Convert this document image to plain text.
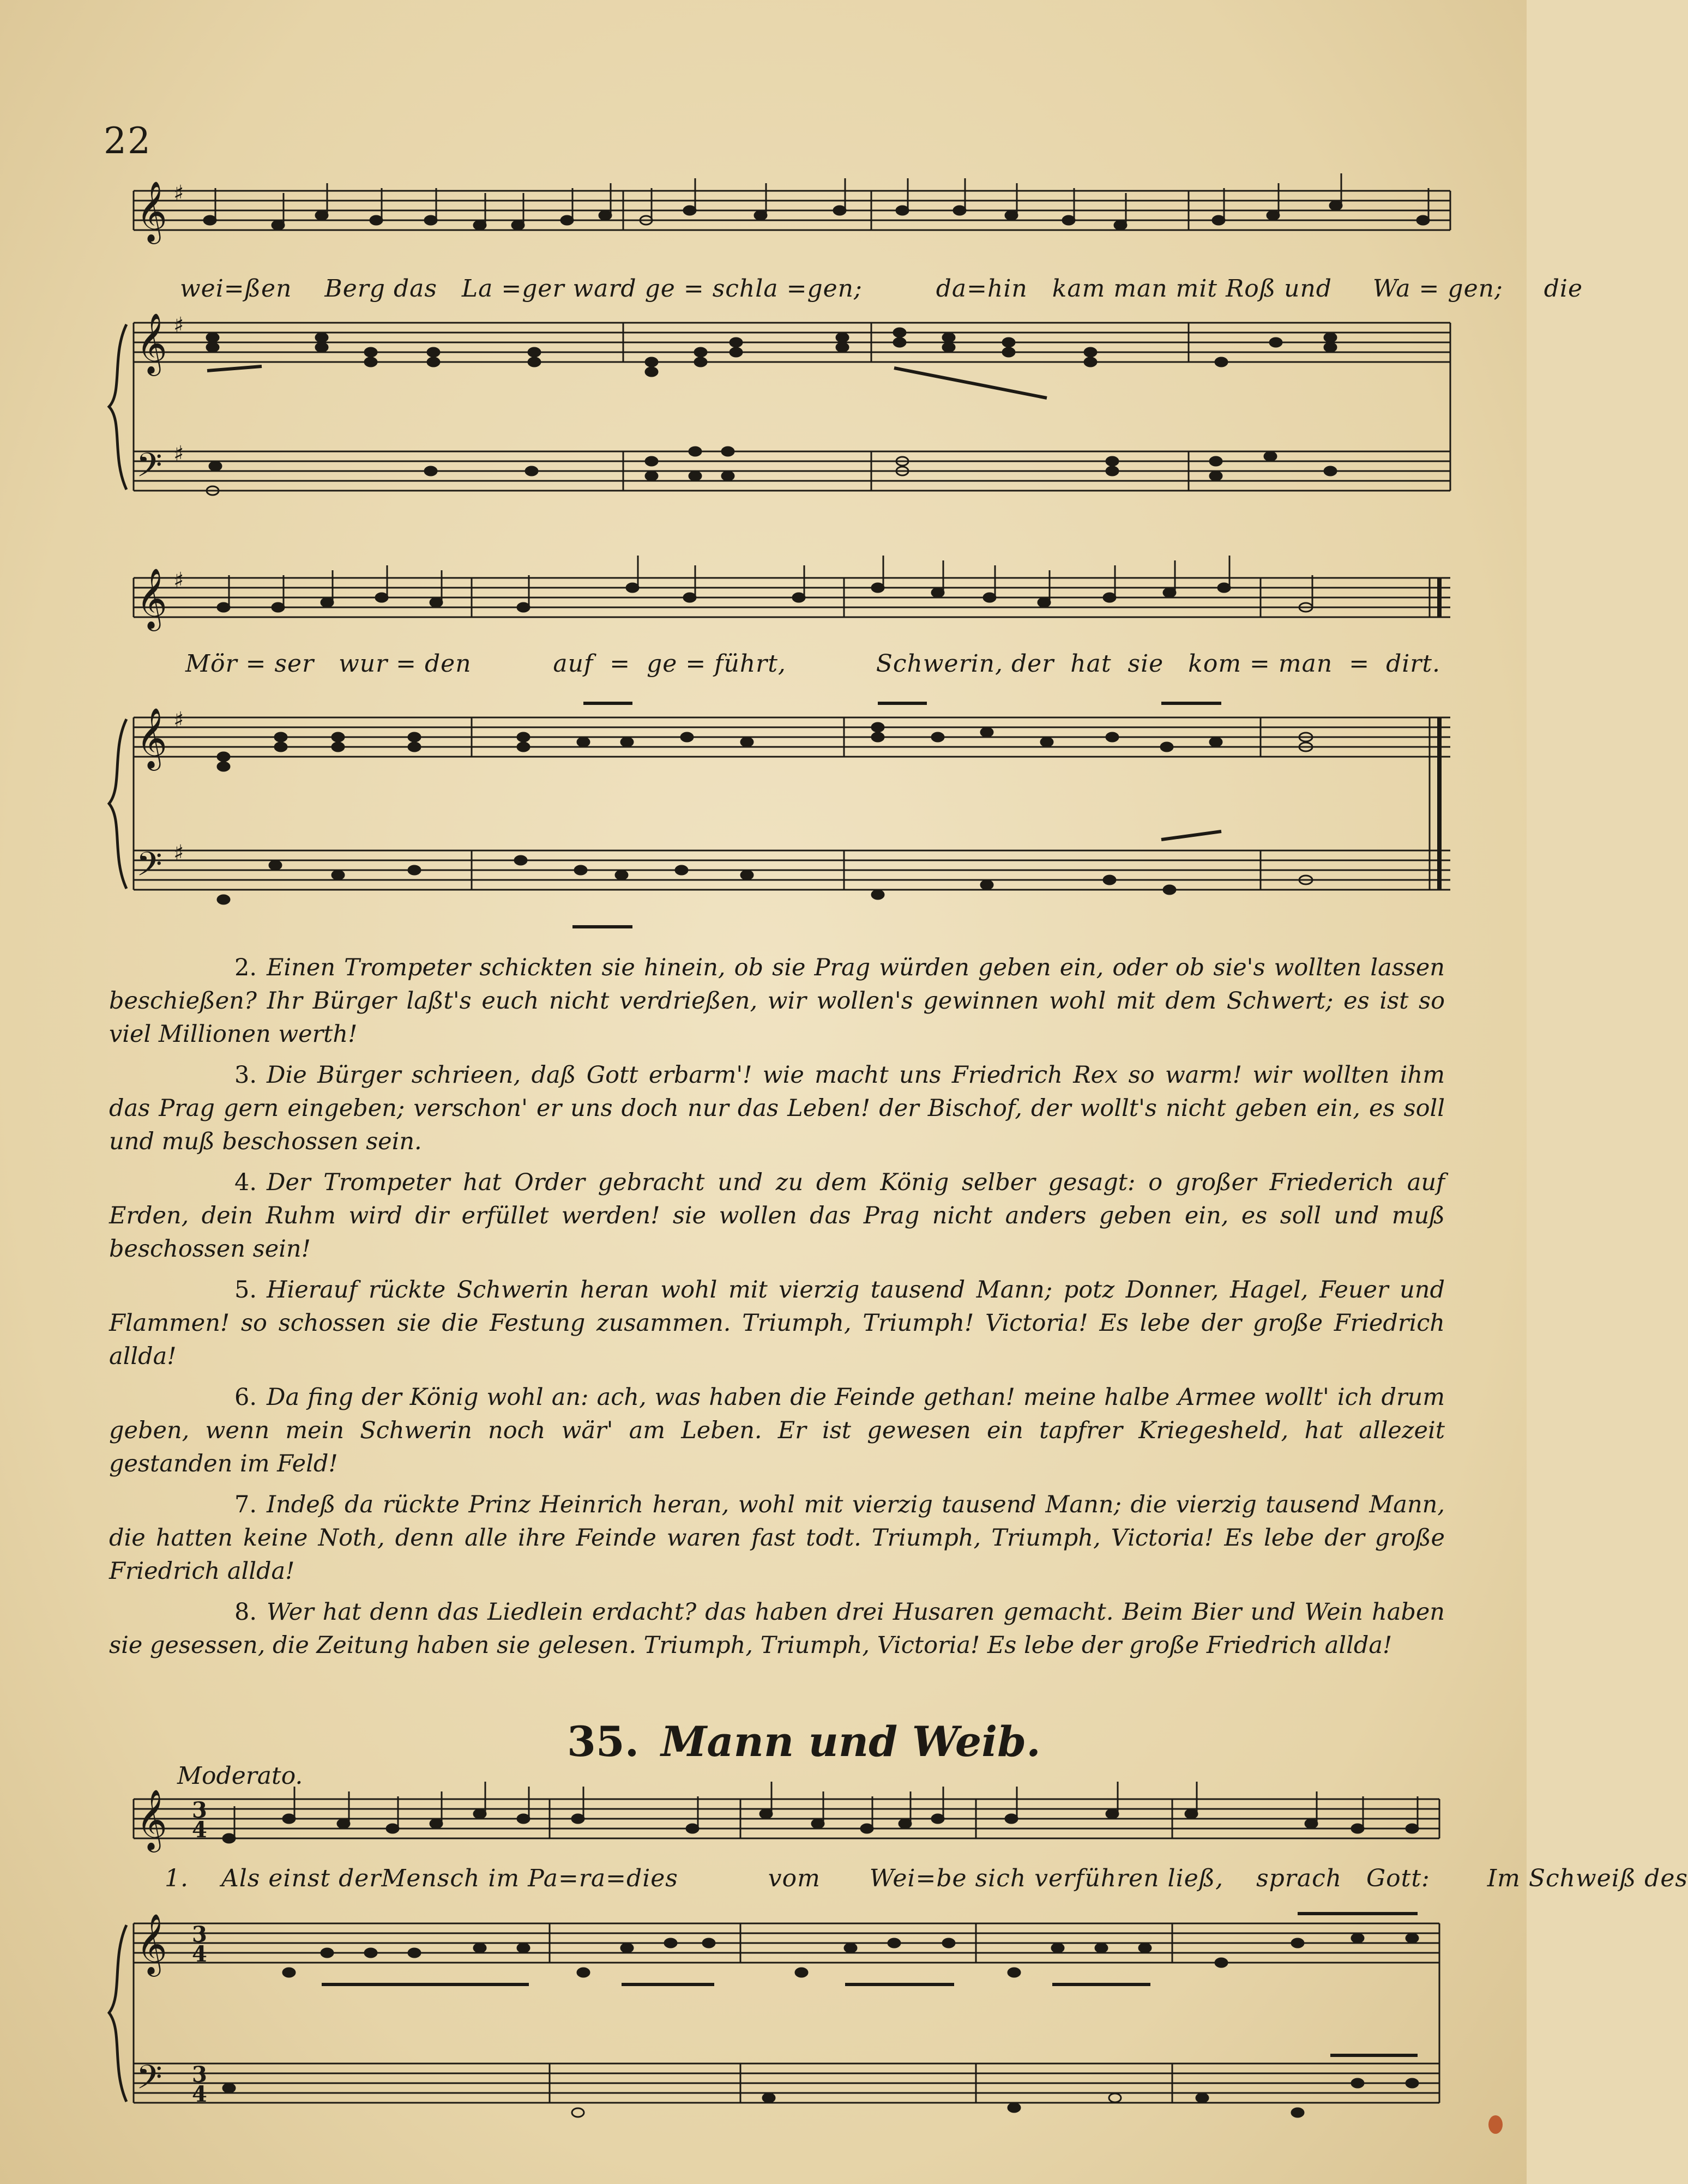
22
𝄞
𝄞
𝄢
♯
♯
♯
wei=ßen Berg das La =ger ward ge = schla =gen;	da=hin kam man mit Roß und Wa = gen; die
𝄞
𝄞
𝄢
♯
♯
♯
Mör = ser wur = den	auf = ge = führt,	Schwerin, der hat sie kom = man = dirt.

2. Einen Trompeter schickten sie hinein, ob sie Prag würden geben ein, oder ob sie's wollten lassen beschießen? Ihr Bürger laßt's euch nicht verdrießen, wir wollen's gewinnen wohl mit dem Schwert; es ist so viel Millionen werth!

3. Die Bürger schrieen, daß Gott erbarm'! wie macht uns Friedrich Rex so warm! wir wollten ihm das Prag gern eingeben; verschon' er uns doch nur das Leben! der Bischof, der wollt's nicht geben ein, es soll und muß beschossen sein.

4. Der Trompeter hat Order gebracht und zu dem König selber gesagt: o großer Friederich auf Erden, dein Ruhm wird dir erfüllet werden! sie wollen das Prag nicht anders geben ein, es soll und muß beschossen sein!

5. Hierauf rückte Schwerin heran wohl mit vierzig tausend Mann; potz Donner, Hagel, Feuer und Flammen! so schossen sie die Festung zusammen. Triumph, Triumph! Victoria! Es lebe der große Friedrich allda!

6. Da fing der König wohl an: ach, was haben die Feinde gethan! meine halbe Armee wollt' ich drum geben, wenn mein Schwerin noch wär' am Leben. Er ist gewesen ein tapfrer Kriegesheld, hat allezeit gestanden im Feld!

7. Indeß da rückte Prinz Heinrich heran, wohl mit vierzig tausend Mann; die vierzig tausend Mann, die hatten keine Noth, denn alle ihre Feinde waren fast todt. Triumph, Triumph, Victoria! Es lebe der große Friedrich allda!

8. Wer hat denn das Liedlein erdacht? das haben drei Husaren gemacht. Beim Bier und Wein haben sie gesessen, die Zeitung haben sie gelesen. Triumph, Triumph, Victoria! Es lebe der große Friedrich allda!

35. Mann und Weib.
Moderato.
𝄞
𝄞
𝄢
3
4
3
4
3
4
1. Als einst derMensch im Pa=ra=dies	vom Wei=be sich verführen ließ, sprach Gott: Im Schweiß des
